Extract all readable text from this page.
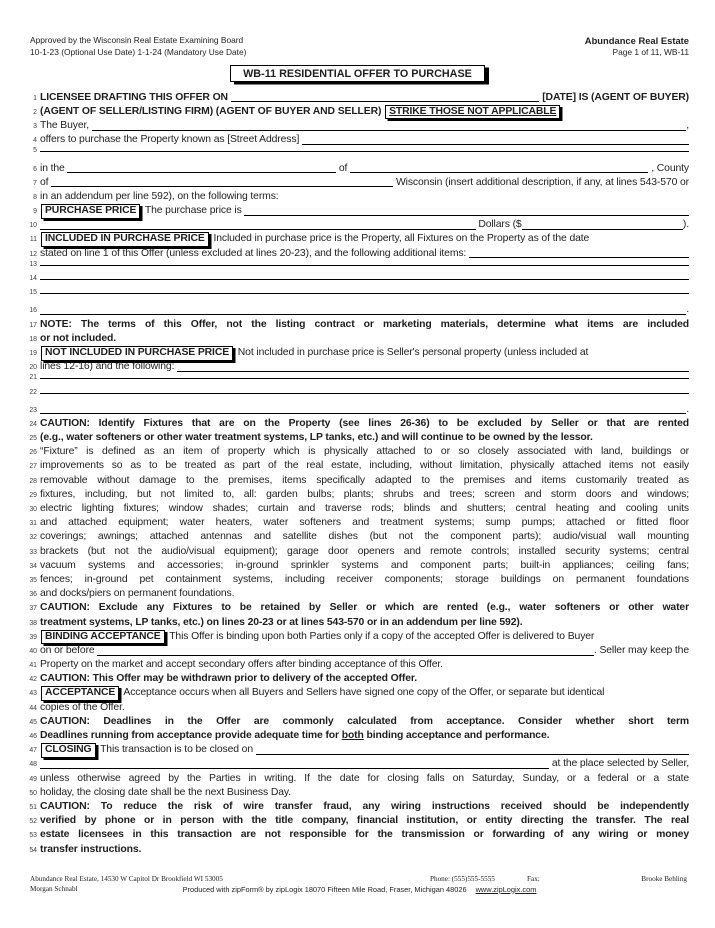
Approved by the Wisconsin Real Estate Examining Board
10-1-23 (Optional Use Date) 1-1-24 (Mandatory Use Date)
Abundance Real Estate
Page 1 of 11, WB-11
WB-11 RESIDENTIAL OFFER TO PURCHASE
1 LICENSEE DRAFTING THIS OFFER ON	[DATE] IS (AGENT OF BUYER)
2 (AGENT OF SELLER/LISTING FIRM) (AGENT OF BUYER AND SELLER) STRIKE THOSE NOT APPLICABLE
3 The Buyer,	,
4 offers to purchase the Property known as [Street Address]
5
6 in the	of	, County
7 of	Wisconsin (insert additional description, if any, at lines 543-570 or
8 in an addendum per line 592), on the following terms:
9 PURCHASE PRICE The purchase price is
10	Dollars ($	).
11 INCLUDED IN PURCHASE PRICE Included in purchase price is the Property, all Fixtures on the Property as of the date
12 stated on line 1 of this Offer (unless excluded at lines 20-23), and the following additional items:
13
14
15
16	.
17 NOTE: The terms of this Offer, not the listing contract or marketing materials, determine what items are included
18 or not included.
19 NOT INCLUDED IN PURCHASE PRICE Not included in purchase price is Seller's personal property (unless included at
20 lines 12-16) and the following:
21
22
23	.
24 CAUTION: Identify Fixtures that are on the Property (see lines 26-36) to be excluded by Seller or that are rented
25 (e.g., water softeners or other water treatment systems, LP tanks, etc.) and will continue to be owned by the lessor.
26 “Fixture” is defined as an item of property which is physically attached to or so closely associated with land, buildings or
27 improvements so as to be treated as part of the real estate, including, without limitation, physically attached items not easily
28 removable without damage to the premises, items specifically adapted to the premises and items customarily treated as
29 fixtures, including, but not limited to, all: garden bulbs; plants; shrubs and trees; screen and storm doors and windows;
30 electric lighting fixtures; window shades; curtain and traverse rods; blinds and shutters; central heating and cooling units
31 and attached equipment; water heaters, water softeners and treatment systems; sump pumps; attached or fitted floor
32 coverings; awnings; attached antennas and satellite dishes (but not the component parts); audio/visual wall mounting
33 brackets (but not the audio/visual equipment); garage door openers and remote controls; installed security systems; central
34 vacuum systems and accessories; in-ground sprinkler systems and component parts; built-in appliances; ceiling fans;
35 fences; in-ground pet containment systems, including receiver components; storage buildings on permanent foundations
36 and docks/piers on permanent foundations.
37 CAUTION: Exclude any Fixtures to be retained by Seller or which are rented (e.g., water softeners or other water
38 treatment systems, LP tanks, etc.) on lines 20-23 or at lines 543-570 or in an addendum per line 592).
39 BINDING ACCEPTANCE This Offer is binding upon both Parties only if a copy of the accepted Offer is delivered to Buyer
40 on or before	. Seller may keep the
41 Property on the market and accept secondary offers after binding acceptance of this Offer.
42 CAUTION: This Offer may be withdrawn prior to delivery of the accepted Offer.
43 ACCEPTANCE Acceptance occurs when all Buyers and Sellers have signed one copy of the Offer, or separate but identical
44 copies of the Offer.
45 CAUTION: Deadlines in the Offer are commonly calculated from acceptance. Consider whether short term
46 Deadlines running from acceptance provide adequate time for both binding acceptance and performance.
47 CLOSING This transaction is to be closed on
48	at the place selected by Seller,
49 unless otherwise agreed by the Parties in writing. If the date for closing falls on Saturday, Sunday, or a federal or a state
50 holiday, the closing date shall be the next Business Day.
51 CAUTION: To reduce the risk of wire transfer fraud, any wiring instructions received should be independently
52 verified by phone or in person with the title company, financial institution, or entity directing the transfer. The real
53 estate licensees in this transaction are not responsible for the transmission or forwarding of any wiring or money
54 transfer instructions.
Abundance Real Estate, 14530 W Capitol Dr Brookfield WI 53005	Phone: (555)555-5555	Fax:	Brooke Behling
Morgan Schnabl	Produced with zipForm® by zipLogix 18070 Fifteen Mile Road, Fraser, Michigan 48026 www.zipLogix.com
